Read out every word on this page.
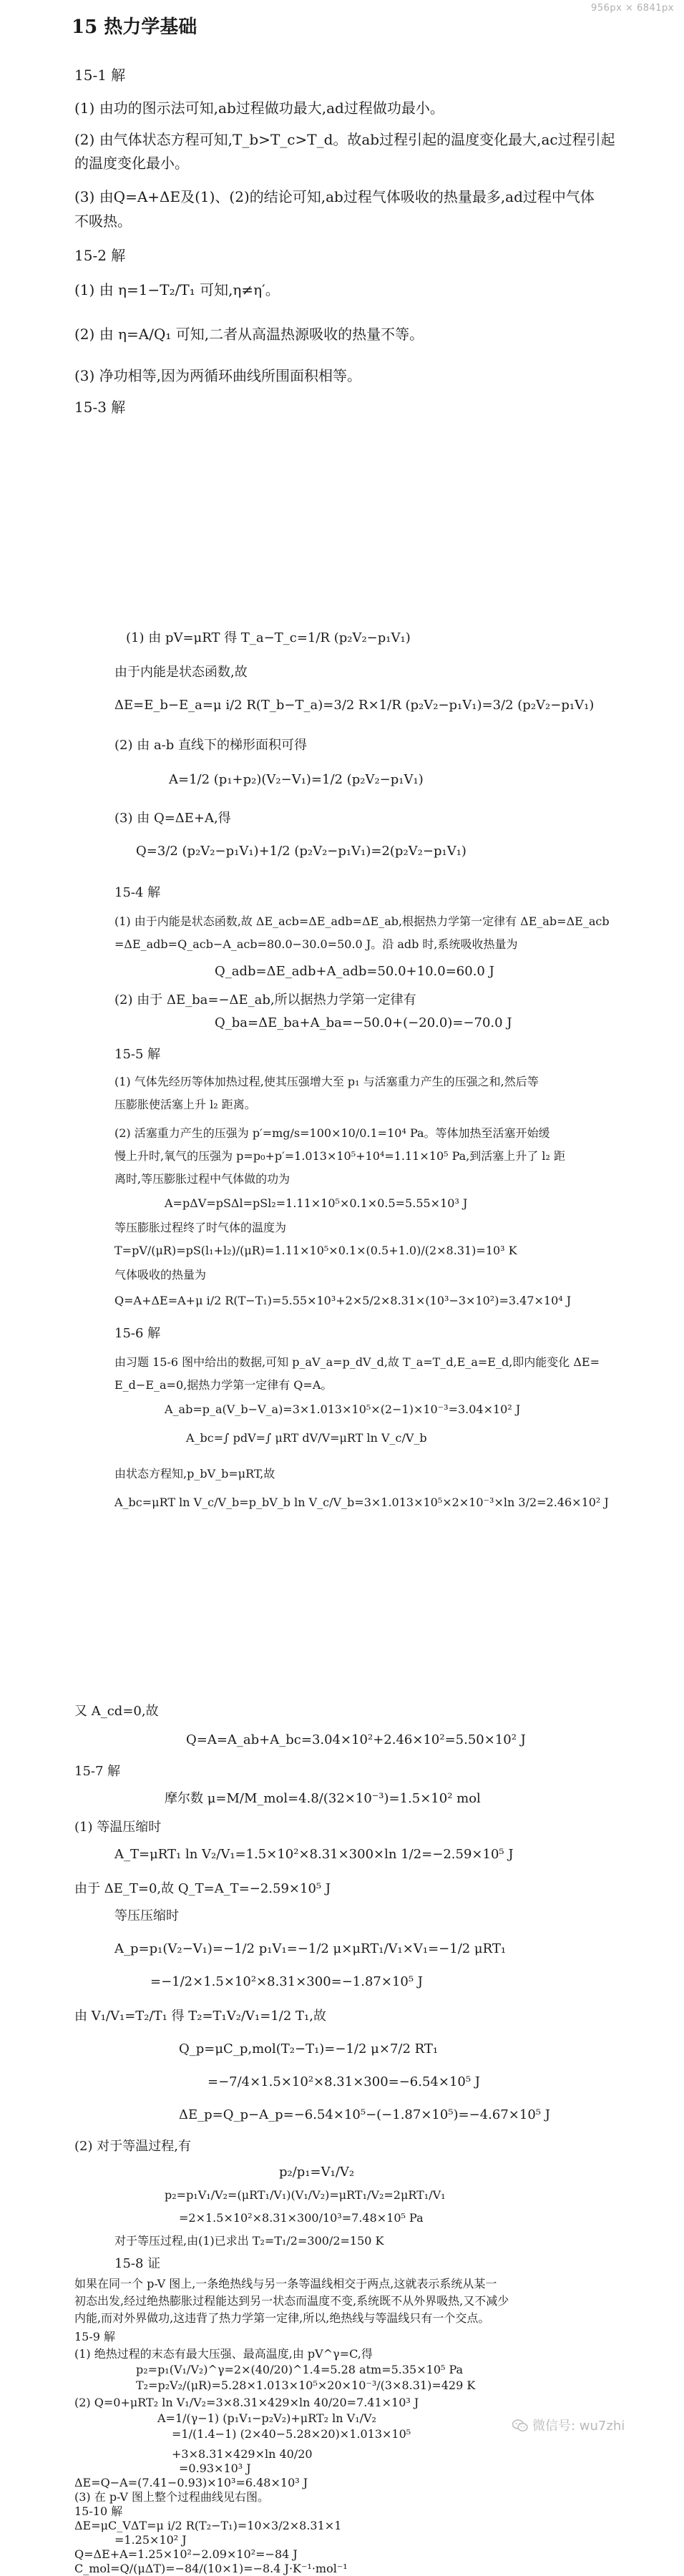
956px × 6841px
15 热力学基础
15-1 解
(1) 由功的图示法可知,ab过程做功最大,ad过程做功最小。
(2) 由气体状态方程可知,T_b>T_c>T_d。故ab过程引起的温度变化最大,ac过程引起
的温度变化最小。
(3) 由Q=A+ΔE及(1)、(2)的结论可知,ab过程气体吸收的热量最多,ad过程中气体
不吸热。
15-2 解
(1) 由 η=1−T₂/T₁ 可知,η≠η′。
(2) 由 η=A/Q₁ 可知,二者从高温热源吸收的热量不等。
(3) 净功相等,因为两循环曲线所围面积相等。
15-3 解
(1) 由 pV=μRT 得 T_a−T_c=1/R (p₂V₂−p₁V₁)
由于内能是状态函数,故
ΔE=E_b−E_a=μ i/2 R(T_b−T_a)=3/2 R×1/R (p₂V₂−p₁V₁)=3/2 (p₂V₂−p₁V₁)
(2) 由 a-b 直线下的梯形面积可得
A=1/2 (p₁+p₂)(V₂−V₁)=1/2 (p₂V₂−p₁V₁)
(3) 由 Q=ΔE+A,得
Q=3/2 (p₂V₂−p₁V₁)+1/2 (p₂V₂−p₁V₁)=2(p₂V₂−p₁V₁)
15-4 解
(1) 由于内能是状态函数,故 ΔE_acb=ΔE_adb=ΔE_ab,根据热力学第一定律有 ΔE_ab=ΔE_acb
=ΔE_adb=Q_acb−A_acb=80.0−30.0=50.0 J。沿 adb 时,系统吸收热量为
Q_adb=ΔE_adb+A_adb=50.0+10.0=60.0 J
(2) 由于 ΔE_ba=−ΔE_ab,所以据热力学第一定律有
Q_ba=ΔE_ba+A_ba=−50.0+(−20.0)=−70.0 J
15-5 解
(1) 气体先经历等体加热过程,使其压强增大至 p₁ 与活塞重力产生的压强之和,然后等
压膨胀使活塞上升 l₂ 距离。
(2) 活塞重力产生的压强为 p′=mg/s=100×10/0.1=10⁴ Pa。等体加热至活塞开始缓
慢上升时,氧气的压强为 p=p₀+p′=1.013×10⁵+10⁴=1.11×10⁵ Pa,到活塞上升了 l₂ 距
离时,等压膨胀过程中气体做的功为
A=pΔV=pSΔl=pSl₂=1.11×10⁵×0.1×0.5=5.55×10³ J
等压膨胀过程终了时气体的温度为
T=pV/(μR)=pS(l₁+l₂)/(μR)=1.11×10⁵×0.1×(0.5+1.0)/(2×8.31)=10³ K
气体吸收的热量为
Q=A+ΔE=A+μ i/2 R(T−T₁)=5.55×10³+2×5/2×8.31×(10³−3×10²)=3.47×10⁴ J
15-6 解
由习题 15-6 图中给出的数据,可知 p_aV_a=p_dV_d,故 T_a=T_d,E_a=E_d,即内能变化 ΔE=
E_d−E_a=0,据热力学第一定律有 Q=A。
A_ab=p_a(V_b−V_a)=3×1.013×10⁵×(2−1)×10⁻³=3.04×10² J
A_bc=∫ pdV=∫ μRT dV/V=μRT ln V_c/V_b
由状态方程知,p_bV_b=μRT,故
A_bc=μRT ln V_c/V_b=p_bV_b ln V_c/V_b=3×1.013×10⁵×2×10⁻³×ln 3/2=2.46×10² J
又 A_cd=0,故
Q=A=A_ab+A_bc=3.04×10²+2.46×10²=5.50×10² J
15-7 解
摩尔数 μ=M/M_mol=4.8/(32×10⁻³)=1.5×10² mol
(1) 等温压缩时
A_T=μRT₁ ln V₂/V₁=1.5×10²×8.31×300×ln 1/2=−2.59×10⁵ J
由于 ΔE_T=0,故 Q_T=A_T=−2.59×10⁵ J
等压压缩时
A_p=p₁(V₂−V₁)=−1/2 p₁V₁=−1/2 μ×μRT₁/V₁×V₁=−1/2 μRT₁
=−1/2×1.5×10²×8.31×300=−1.87×10⁵ J
由 V₁/V₁=T₂/T₁ 得 T₂=T₁V₂/V₁=1/2 T₁,故
Q_p=μC_p,mol(T₂−T₁)=−1/2 μ×7/2 RT₁
=−7/4×1.5×10²×8.31×300=−6.54×10⁵ J
ΔE_p=Q_p−A_p=−6.54×10⁵−(−1.87×10⁵)=−4.67×10⁵ J
(2) 对于等温过程,有
p₂/p₁=V₁/V₂
p₂=p₁V₁/V₂=(μRT₁/V₁)(V₁/V₂)=μRT₁/V₂=2μRT₁/V₁
=2×1.5×10²×8.31×300/10³=7.48×10⁵ Pa
对于等压过程,由(1)已求出 T₂=T₁/2=300/2=150 K
15-8 证
如果在同一个 p-V 图上,一条绝热线与另一条等温线相交于两点,这就表示系统从某一
初态出发,经过绝热膨胀过程能达到另一状态而温度不变,系统既不从外界吸热,又不减少
内能,而对外界做功,这违背了热力学第一定律,所以,绝热线与等温线只有一个交点。
15-9 解
(1) 绝热过程的末态有最大压强、最高温度,由 pV^γ=C,得
p₂=p₁(V₁/V₂)^γ=2×(40/20)^1.4=5.28 atm=5.35×10⁵ Pa
T₂=p₂V₂/(μR)=5.28×1.013×10⁵×20×10⁻³/(3×8.31)=429 K
(2) Q=0+μRT₂ ln V₁/V₂=3×8.31×429×ln 40/20=7.41×10³ J
A=1/(γ−1) (p₁V₁−p₂V₂)+μRT₂ ln V₁/V₂
=1/(1.4−1) (2×40−5.28×20)×1.013×10⁵
+3×8.31×429×ln 40/20
=0.93×10³ J
ΔE=Q−A=(7.41−0.93)×10³=6.48×10³ J
(3) 在 p-V 图上整个过程曲线见右图。
15-10 解
ΔE=μC_VΔT=μ i/2 R(T₂−T₁)=10×3/2×8.31×1
=1.25×10² J
Q=ΔE+A=1.25×10²−2.09×10²=−84 J
C_mol=Q/(μΔT)=−84/(10×1)=−8.4 J·K⁻¹·mol⁻¹
微信号: wu7zhi
